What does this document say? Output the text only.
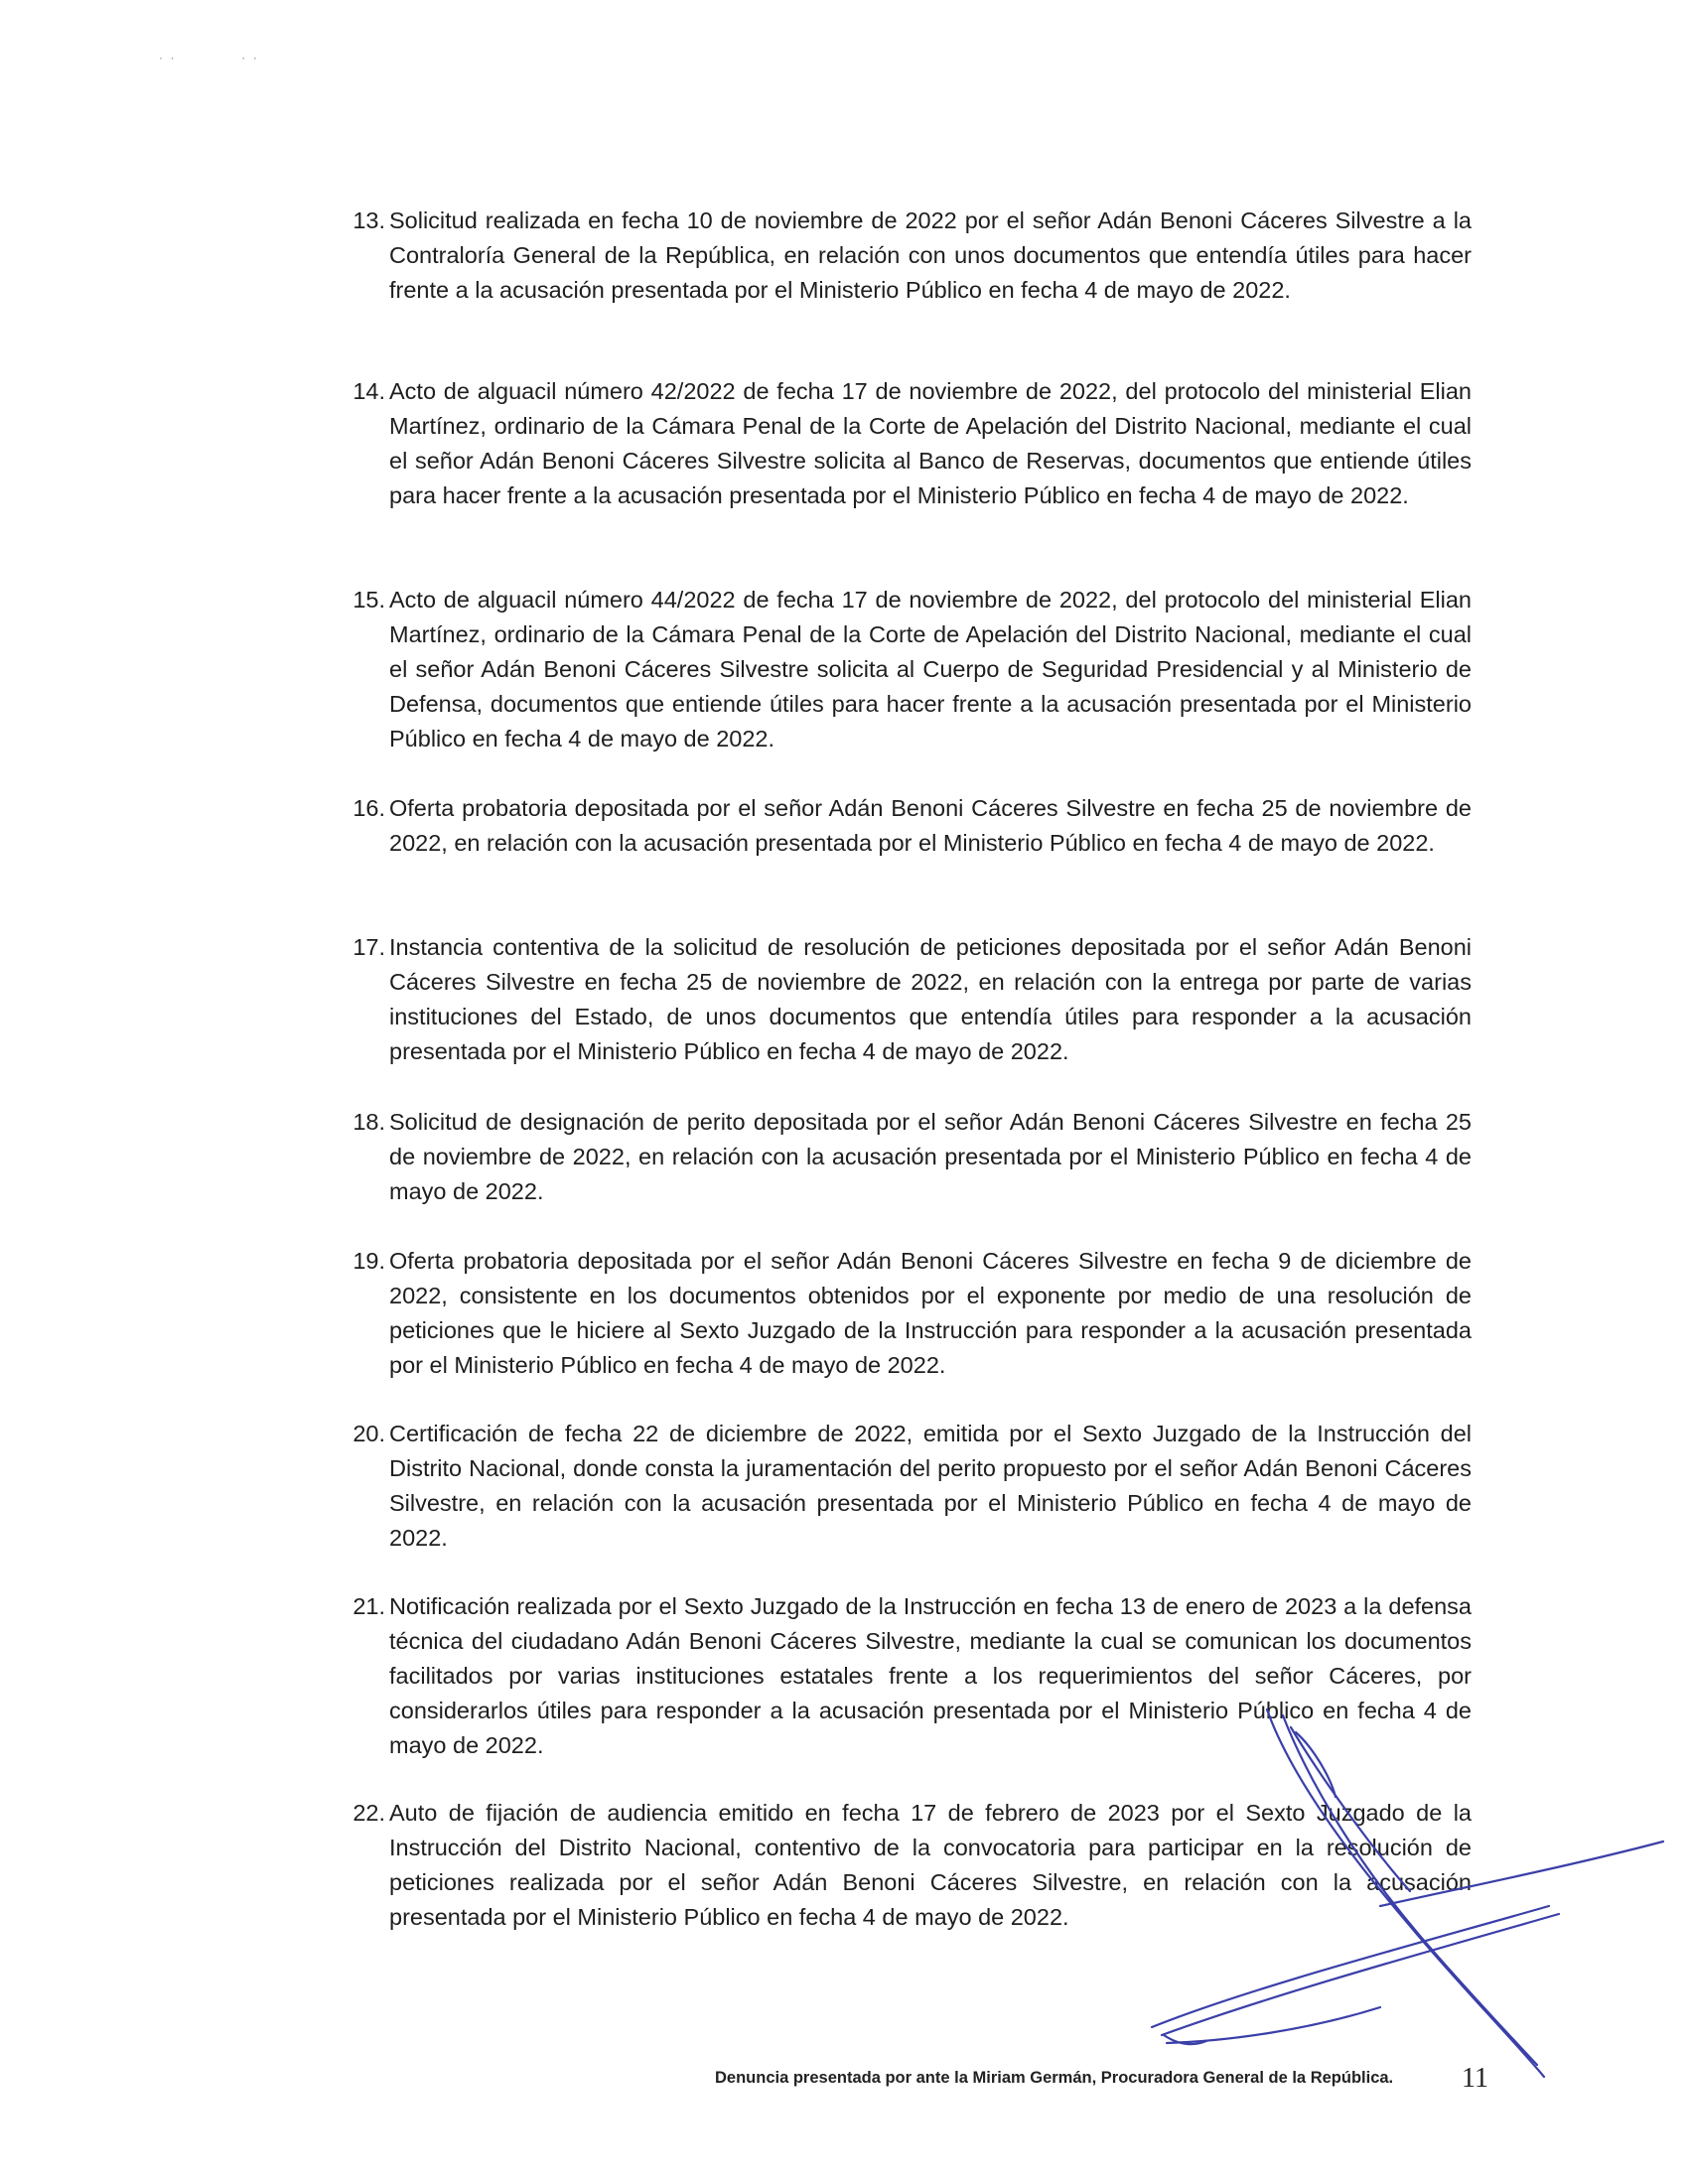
· ·	· ·
13. Solicitud realizada en fecha 10 de noviembre de 2022 por el señor Adán Benoni Cáceres Silvestre a la Contraloría General de la República, en relación con unos documentos que entendía útiles para hacer frente a la acusación presentada por el Ministerio Público en fecha 4 de mayo de 2022.

14. Acto de alguacil número 42/2022 de fecha 17 de noviembre de 2022, del protocolo del ministerial Elian Martínez, ordinario de la Cámara Penal de la Corte de Apelación del Distrito Nacional, mediante el cual el señor Adán Benoni Cáceres Silvestre solicita al Banco de Reservas, documentos que entiende útiles para hacer frente a la acusación presentada por el Ministerio Público en fecha 4 de mayo de 2022.

15. Acto de alguacil número 44/2022 de fecha 17 de noviembre de 2022, del protocolo del ministerial Elian Martínez, ordinario de la Cámara Penal de la Corte de Apelación del Distrito Nacional, mediante el cual el señor Adán Benoni Cáceres Silvestre solicita al Cuerpo de Seguridad Presidencial y al Ministerio de Defensa, documentos que entiende útiles para hacer frente a la acusación presentada por el Ministerio Público en fecha 4 de mayo de 2022.

16. Oferta probatoria depositada por el señor Adán Benoni Cáceres Silvestre en fecha 25 de noviembre de 2022, en relación con la acusación presentada por el Ministerio Público en fecha 4 de mayo de 2022.

17. Instancia contentiva de la solicitud de resolución de peticiones depositada por el señor Adán Benoni Cáceres Silvestre en fecha 25 de noviembre de 2022, en relación con la entrega por parte de varias instituciones del Estado, de unos documentos que entendía útiles para responder a la acusación presentada por el Ministerio Público en fecha 4 de mayo de 2022.

18. Solicitud de designación de perito depositada por el señor Adán Benoni Cáceres Silvestre en fecha 25 de noviembre de 2022, en relación con la acusación presentada por el Ministerio Público en fecha 4 de mayo de 2022.

19. Oferta probatoria depositada por el señor Adán Benoni Cáceres Silvestre en fecha 9 de diciembre de 2022, consistente en los documentos obtenidos por el exponente por medio de una resolución de peticiones que le hiciere al Sexto Juzgado de la Instrucción para responder a la acusación presentada por el Ministerio Público en fecha 4 de mayo de 2022.

20. Certificación de fecha 22 de diciembre de 2022, emitida por el Sexto Juzgado de la Instrucción del Distrito Nacional, donde consta la juramentación del perito propuesto por el señor Adán Benoni Cáceres Silvestre, en relación con la acusación presentada por el Ministerio Público en fecha 4 de mayo de 2022.

21. Notificación realizada por el Sexto Juzgado de la Instrucción en fecha 13 de enero de 2023 a la defensa técnica del ciudadano Adán Benoni Cáceres Silvestre, mediante la cual se comunican los documentos facilitados por varias instituciones estatales frente a los requerimientos del señor Cáceres, por considerarlos útiles para responder a la acusación presentada por el Ministerio Público en fecha 4 de mayo de 2022.

22. Auto de fijación de audiencia emitido en fecha 17 de febrero de 2023 por el Sexto Juzgado de la Instrucción del Distrito Nacional, contentivo de la convocatoria para participar en la resolución de peticiones realizada por el señor Adán Benoni Cáceres Silvestre, en relación con la acusación presentada por el Ministerio Público en fecha 4 de mayo de 2022.

Denuncia presentada por ante la Miriam Germán, Procuradora General de la República. 11
